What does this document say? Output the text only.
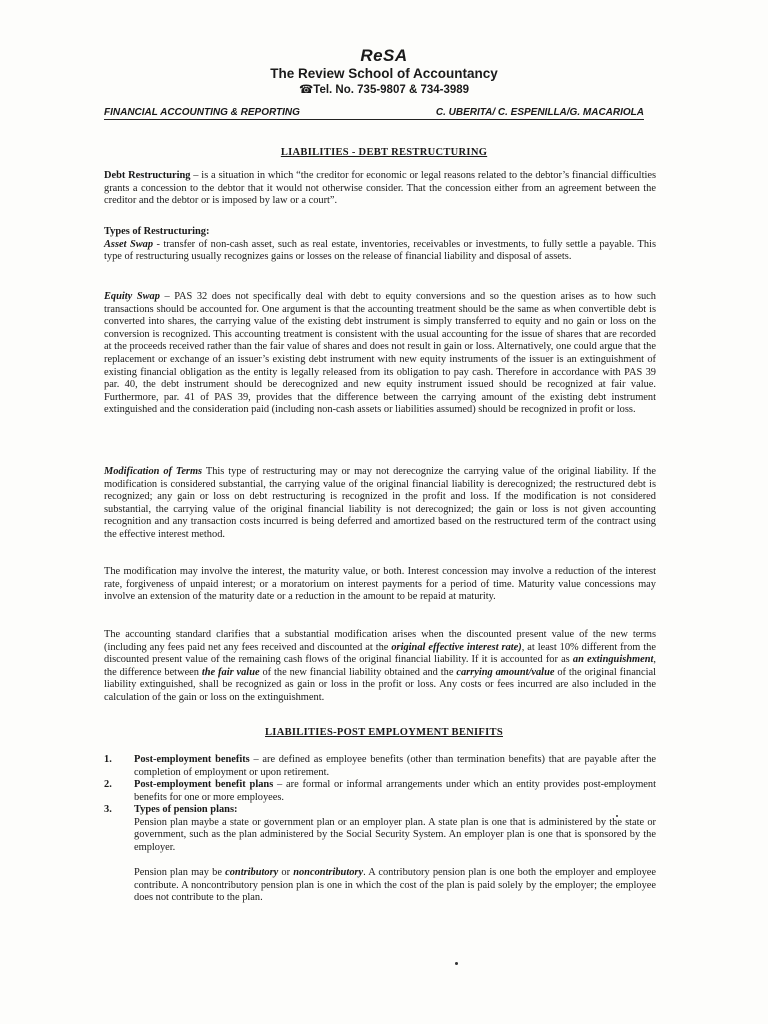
ReSA
The Review School of Accountancy
☎Tel. No. 735-9807 & 734-3989
FINANCIAL ACCOUNTING & REPORTING	C. UBERITA/ C. ESPENILLA/G. MACARIOLA
LIABILITIES - DEBT RESTRUCTURING

Debt Restructuring – is a situation in which “the creditor for economic or legal reasons related to the debtor’s financial difficulties grants a concession to the debtor that it would not otherwise consider. That the concession either from an agreement between the creditor and the debtor or is imposed by law or a court”.

Types of Restructuring:
Asset Swap - transfer of non-cash asset, such as real estate, inventories, receivables or investments, to fully settle a payable. This type of restructuring usually recognizes gains or losses on the release of financial liability and disposal of assets.

Equity Swap – PAS 32 does not specifically deal with debt to equity conversions and so the question arises as to how such transactions should be accounted for. One argument is that the accounting treatment should be the same as when convertible debt is converted into shares, the carrying value of the existing debt instrument is simply transferred to equity and no gain or loss on the conversion is recognized. This accounting treatment is consistent with the usual accounting for the issue of shares that are recorded at the proceeds received rather than the fair value of shares and does not result in gain or loss. Alternatively, one could argue that the replacement or exchange of an issuer’s existing debt instrument with new equity instruments of the issuer is an extinguishment of existing financial obligation as the entity is legally released from its obligation to pay cash. Therefore in accordance with PAS 39 par. 40, the debt instrument should be derecognized and new equity instrument issued should be recognized at fair value. Furthermore, par. 41 of PAS 39, provides that the difference between the carrying amount of the existing debt instrument extinguished and the consideration paid (including non-cash assets or liabilities assumed) should be recognized in profit or loss.

Modification of Terms This type of restructuring may or may not derecognize the carrying value of the original liability. If the modification is considered substantial, the carrying value of the original financial liability is derecognized; the restructured debt is recognized; any gain or loss on debt restructuring is recognized in the profit and loss. If the modification is not considered substantial, the carrying value of the original financial liability is not derecognized; the gain or loss is not given accounting recognition and any transaction costs incurred is being deferred and amortized based on the restructured term of the contract using the effective interest method.

The modification may involve the interest, the maturity value, or both. Interest concession may involve a reduction of the interest rate, forgiveness of unpaid interest; or a moratorium on interest payments for a period of time. Maturity value concessions may involve an extension of the maturity date or a reduction in the amount to be repaid at maturity.

The accounting standard clarifies that a substantial modification arises when the discounted present value of the new terms (including any fees paid net any fees received and discounted at the original effective interest rate), at least 10% different from the discounted present value of the remaining cash flows of the original financial liability. If it is accounted for as an extinguishment, the difference between the fair value of the new financial liability obtained and the carrying amount/value of the original financial liability extinguished, shall be recognized as gain or loss in the profit or loss. Any costs or fees incurred are also included in the calculation of the gain or loss on the extinguishment.

LIABILITIES-POST EMPLOYMENT BENIFITS
1. Post-employment benefits – are defined as employee benefits (other than termination benefits) that are payable after the completion of employment or upon retirement.

2. Post-employment benefit plans – are formal or informal arrangements under which an entity provides post-employment benefits for one or more employees.

3. Types of pension plans:
Pension plan maybe a state or government plan or an employer plan. A state plan is one that is administered by the state or government, such as the plan administered by the Social Security System. An employer plan is one that is sponsored by the employer.

Pension plan may be contributory or noncontributory. A contributory pension plan is one both the employer and employee contribute. A noncontributory pension plan is one in which the cost of the plan is paid solely by the employer; the employee does not contribute to the plan.
